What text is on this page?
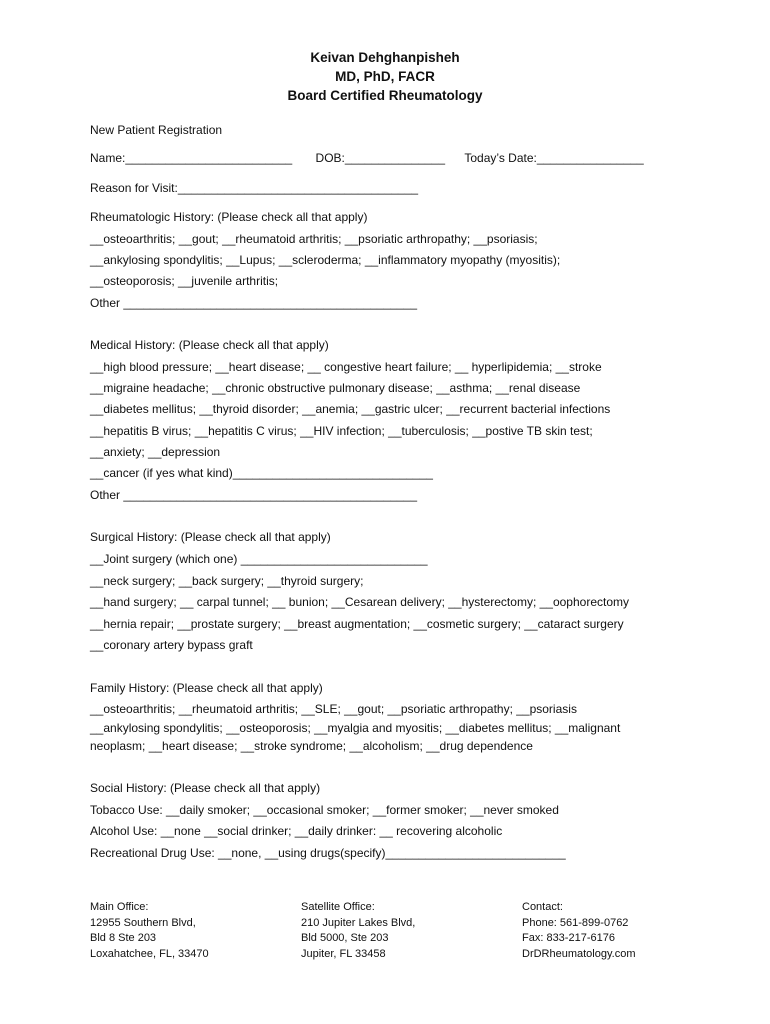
Keivan Dehghanpisheh
MD, PhD, FACR
Board Certified Rheumatology
New Patient Registration
Name:_________________________ DOB:_______________ Today’s Date:________________
Reason for Visit:____________________________________
Rheumatologic History: (Please check all that apply)
__osteoarthritis; __gout; __rheumatoid arthritis; __psoriatic arthropathy; __psoriasis;
__ankylosing spondylitis; __Lupus; __scleroderma; __inflammatory myopathy (myositis);
__osteoporosis; __juvenile arthritis;
Other ____________________________________________
Medical History: (Please check all that apply)
__high blood pressure; __heart disease; __ congestive heart failure; __ hyperlipidemia; __stroke
__migraine headache; __chronic obstructive pulmonary disease; __asthma; __renal disease
__diabetes mellitus; __thyroid disorder; __anemia; __gastric ulcer; __recurrent bacterial infections
__hepatitis B virus; __hepatitis C virus; __HIV infection; __tuberculosis; __postive TB skin test;
__anxiety; __depression
__cancer (if yes what kind)______________________________
Other ____________________________________________
Surgical History: (Please check all that apply)
__Joint surgery (which one) ____________________________
__neck surgery; __back surgery; __thyroid surgery;
__hand surgery; __ carpal tunnel; __ bunion; __Cesarean delivery; __hysterectomy; __oophorectomy
__hernia repair; __prostate surgery; __breast augmentation; __cosmetic surgery; __cataract surgery
__coronary artery bypass graft
Family History: (Please check all that apply)
__osteoarthritis; __rheumatoid arthritis; __SLE; __gout; __psoriatic arthropathy; __psoriasis
__ankylosing spondylitis; __osteoporosis; __myalgia and myositis; __diabetes mellitus; __malignant
neoplasm; __heart disease; __stroke syndrome; __alcoholism; __drug dependence
Social History: (Please check all that apply)
Tobacco Use: __daily smoker; __occasional smoker; __former smoker; __never smoked
Alcohol Use: __none __social drinker; __daily drinker: __ recovering alcoholic
Recreational Drug Use: __none, __using drugs(specify)___________________________
Main Office:
12955 Southern Blvd,
Bld 8 Ste 203
Loxahatchee, FL, 33470
Satellite Office:
210 Jupiter Lakes Blvd,
Bld 5000, Ste 203
Jupiter, FL 33458
Contact:
Phone: 561-899-0762
Fax: 833-217-6176
DrDRheumatology.com
